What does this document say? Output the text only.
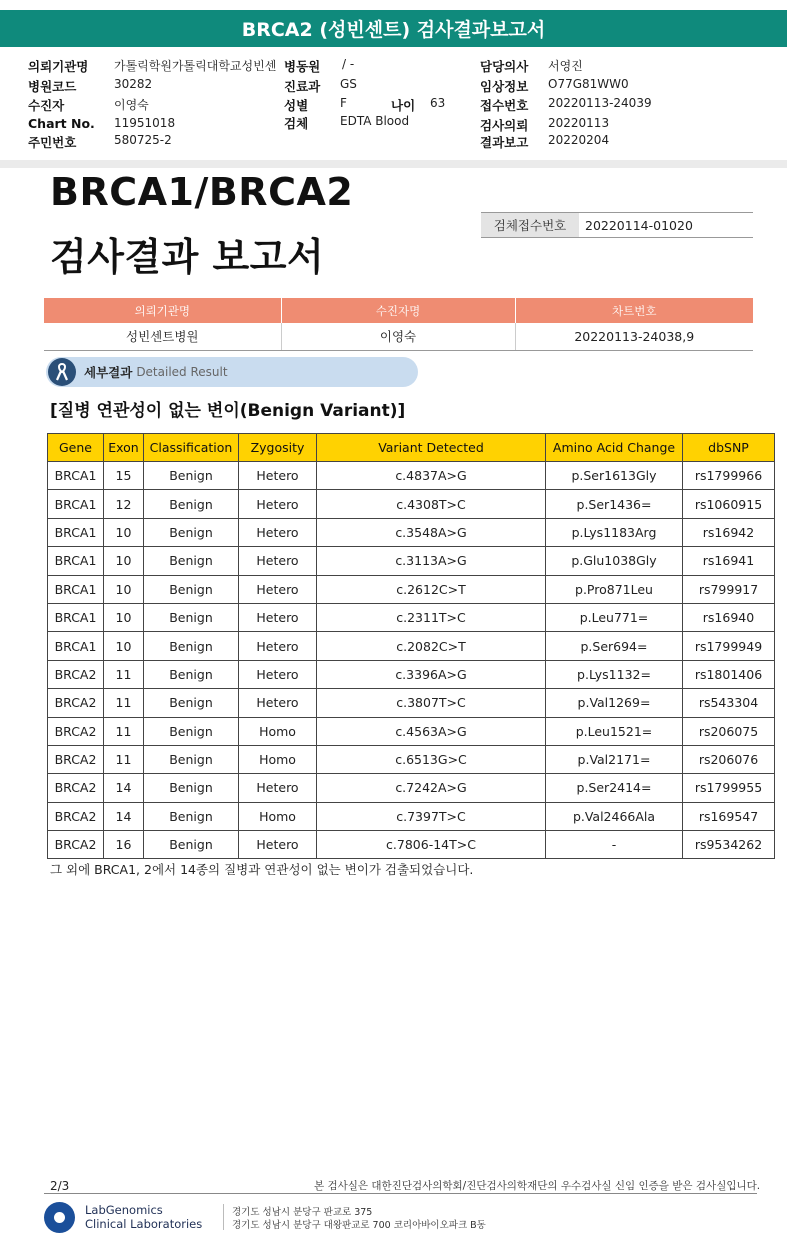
BRCA2 (성빈센트) 검사결과보고서
의뢰기관명 가톨릭학원가톨릭대학교성빈센
병원코드	30282
수진자	이영숙
Chart No. 11951018
주민번호	580725-2
병동원 / -
진료과 GS
성별	F	나이 63
검체	EDTA Blood
담당의사 서영진
임상정보 O77G81WW0
접수번호 20220113-24039
검사의뢰 20220113
결과보고 20220204
BRCA1/BRCA2
검사결과 보고서
검체접수번호	20220114-01020
의뢰기관명	수진자명	차트번호
성빈센트병원	이영숙	20220113-24038,9
세부결과 Detailed Result
[질병 연관성이 없는 변이(Benign Variant)]
Gene	Exon	Classification	Zygosity	Variant Detected	Amino Acid Change	dbSNP
BRCA1	15	Benign	Hetero	c.4837A>G	p.Ser1613Gly	rs1799966
BRCA1	12	Benign	Hetero	c.4308T>C	p.Ser1436=	rs1060915
BRCA1	10	Benign	Hetero	c.3548A>G	p.Lys1183Arg	rs16942
BRCA1	10	Benign	Hetero	c.3113A>G	p.Glu1038Gly	rs16941
BRCA1	10	Benign	Hetero	c.2612C>T	p.Pro871Leu	rs799917
BRCA1	10	Benign	Hetero	c.2311T>C	p.Leu771=	rs16940
BRCA1	10	Benign	Hetero	c.2082C>T	p.Ser694=	rs1799949
BRCA2	11	Benign	Hetero	c.3396A>G	p.Lys1132=	rs1801406
BRCA2	11	Benign	Hetero	c.3807T>C	p.Val1269=	rs543304
BRCA2	11	Benign	Homo	c.4563A>G	p.Leu1521=	rs206075
BRCA2	11	Benign	Homo	c.6513G>C	p.Val2171=	rs206076
BRCA2	14	Benign	Hetero	c.7242A>G	p.Ser2414=	rs1799955
BRCA2	14	Benign	Homo	c.7397T>C	p.Val2466Ala	rs169547
BRCA2	16	Benign	Hetero	c.7806-14T>C	-	rs9534262
그 외에 BRCA1, 2에서 14종의 질병과 연관성이 없는 변이가 검출되었습니다.
2/3	본 검사실은 대한진단검사의학회/진단검사의학재단의 우수검사실 신임 인증을 받은 검사실입니다.
LabGenomics
Clinical Laboratories
경기도 성남시 분당구 판교로 375
경기도 성남시 분당구 대왕판교로 700 코리아바이오파크 B동
